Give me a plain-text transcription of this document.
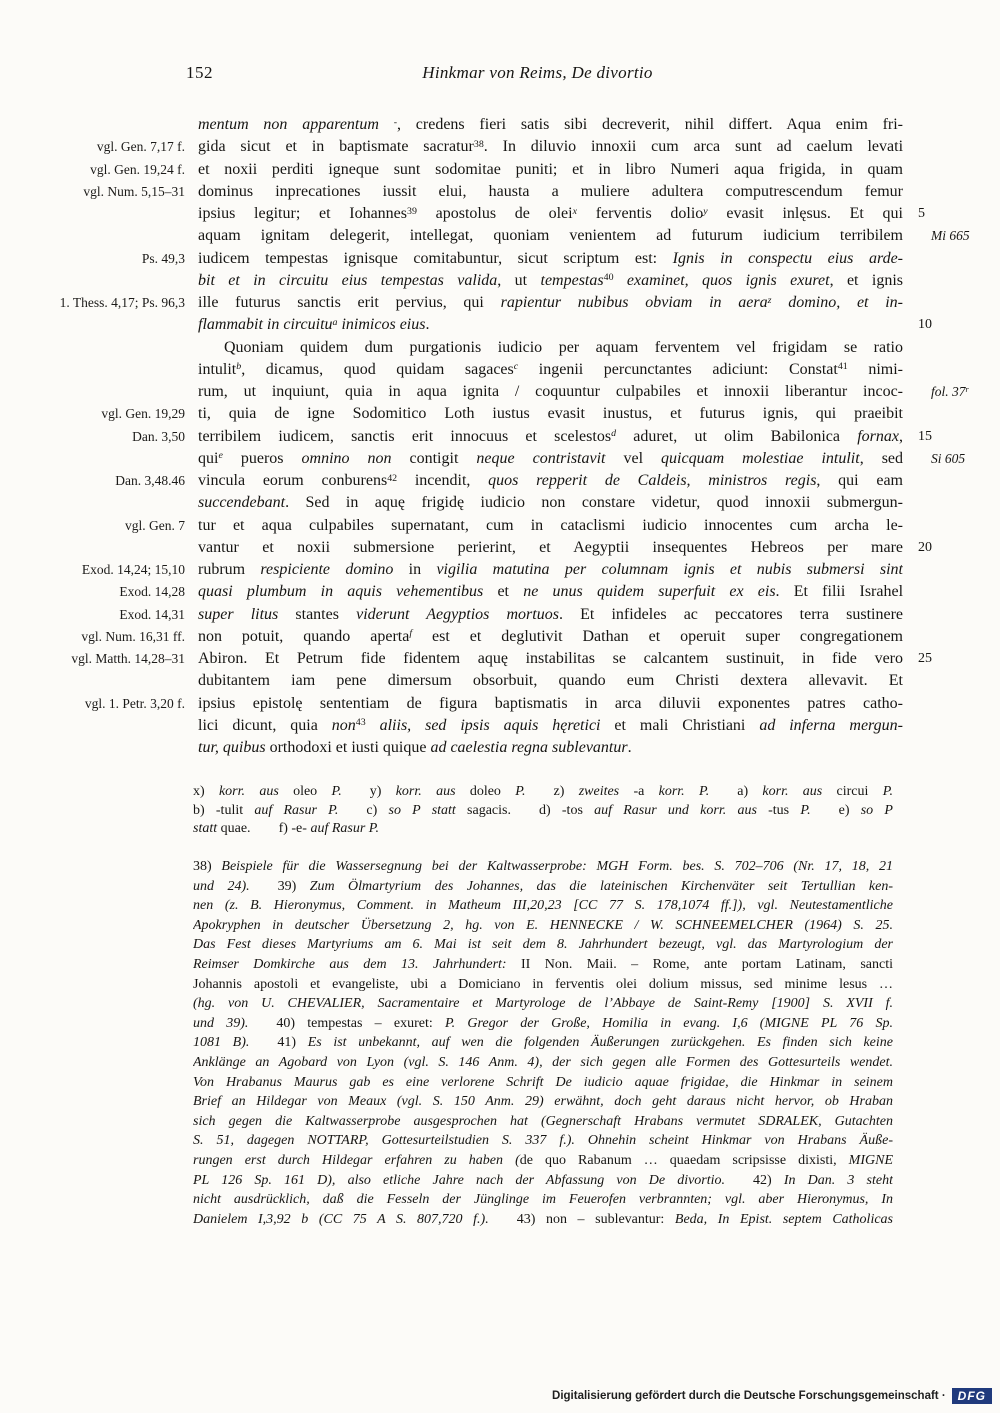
152	Hinkmar von Reims, De divortio
mentum non apparentum -, credens fieri satis sibi decreverit, nihil differt. Aqua enim fri-
vgl. Gen. 7,17 f. gida sicut et in baptismate sacratur$^{38}$. In diluvio innoxii cum arca sunt ad caelum levati
vgl. Gen. 19,24 f. et noxii perditi igneque sunt sodomitae puniti; et in libro Numeri aqua frigida, in quam
vgl. Num. 5,15–31 dominus inprecationes iussit elui, hausta a muliere adultera computrescendum femur
ipsius legitur; et Iohannes$^{39}$ apostolus de olei$^x$ ferventis dolio$^y$ evasit inlęsus. Et qui	5
aquam ignitam delegerit, intellegat, quoniam venientem ad futurum iudicium terribilem	Mi 665
Ps. 49,3 iudicem tempestas ignisque comitabuntur, sicut scriptum est: Ignis in conspectu eius arde-
bit et in circuitu eius tempestas valida, ut tempestas$^{40}$ examinet, quos ignis exuret, et ignis
1. Thess. 4,17; Ps. 96,3 ille futurus sanctis erit pervius, qui rapientur nubibus obviam in aera$^z$ domino, et in-
flammabit in circuitu$^a$ inimicos eius.	10
Quoniam quidem dum purgationis iudicio per aquam ferventem vel frigidam se ratio
intulit$^b$, dicamus, quod quidam sagaces$^c$ ingenii percunctantes adiciunt: Constat$^{41}$ nimi-
rum, ut inquiunt, quia in aqua ignita / coquuntur culpabiles et innoxii liberantur incoc-	fol. 37$^r$
vgl. Gen. 19,29 ti, quia de igne Sodomitico Loth iustus evasit inustus, et futurus ignis, qui praeibit
Dan. 3,50 terribilem iudicem, sanctis erit innocuus et scelestos$^d$ aduret, ut olim Babilonica fornax,	15
qui$^e$ pueros omnino non contigit neque contristavit vel quicquam molestiae intulit, sed	Si 605
Dan. 3,48.46 vincula eorum conburens$^{42}$ incendit, quos repperit de Caldeis, ministros regis, qui eam
succendebant. Sed in aquę frigidę iudicio non constare videtur, quod innoxii submergun-
vgl. Gen. 7 tur et aqua culpabiles supernatant, cum in cataclismi iudicio innocentes cum archa le-
vantur et noxii submersione perierint, et Aegyptii insequentes Hebreos per mare	20
Exod. 14,24; 15,10 rubrum respiciente domino in vigilia matutina per columnam ignis et nubis submersi sint
Exod. 14,28 quasi plumbum in aquis vehementibus et ne unus quidem superfuit ex eis. Et filii Israhel
Exod. 14,31 super litus stantes viderunt Aegyptios mortuos. Et infideles ac peccatores terra sustinere
vgl. Num. 16,31 ff. non potuit, quando aperta$^f$ est et deglutivit Dathan et operuit super congregationem
vgl. Matth. 14,28–31 Abiron. Et Petrum fide fidentem aquę instabilitas se calcantem sustinuit, in fide vero	25
dubitantem iam pene dimersum obsorbuit, quando eum Christi dextera allevavit. Et
vgl. 1. Petr. 3,20 f. ipsius epistolę sententiam de figura baptismatis in arca diluvii exponentes patres catho-
lici dicunt, quia non$^{43}$ aliis, sed ipsis aquis hęretici et mali Christiani ad inferna mergun-
tur, quibus orthodoxi et iusti quique ad caelestia regna sublevantur.
x) korr. aus oleo P. y) korr. aus doleo P. z) zweites -a korr. P. a) korr. aus circui P.
b) -tulit auf Rasur P. c) so P statt sagacis. d) -tos auf Rasur und korr. aus -tus P. e) so P
statt quae. f) -e- auf Rasur P.
38) Beispiele für die Wassersegnung bei der Kaltwasserprobe: MGH Form. bes. S. 702–706 (Nr. 17, 18, 21
und 24). 39) Zum Ölmartyrium des Johannes, das die lateinischen Kirchenväter seit Tertullian ken-
nen (z. B. Hieronymus, Comment. in Matheum III,20,23 [CC 77 S. 178,1074 ff.]), vgl. Neutestamentliche
Apokryphen in deutscher Übersetzung 2, hg. von E. HENNECKE / W. SCHNEEMELCHER (1964) S. 25.
Das Fest dieses Martyriums am 6. Mai ist seit dem 8. Jahrhundert bezeugt, vgl. das Martyrologium der
Reimser Domkirche aus dem 13. Jahrhundert: II Non. Maii. – Rome, ante portam Latinam, sancti
Johannis apostoli et evangeliste, ubi a Domiciano in ferventis olei dolium missus, sed minime lesus …
(hg. von U. CHEVALIER, Sacramentaire et Martyrologe de l’Abbaye de Saint-Remy [1900] S. XVII f.
und 39). 40) tempestas – exuret: P. Gregor der Große, Homilia in evang. I,6 (MIGNE PL 76 Sp.
1081 B). 41) Es ist unbekannt, auf wen die folgenden Äußerungen zurückgehen. Es finden sich keine
Anklänge an Agobard von Lyon (vgl. S. 146 Anm. 4), der sich gegen alle Formen des Gottesurteils wendet.
Von Hrabanus Maurus gab es eine verlorene Schrift De iudicio aquae frigidae, die Hinkmar in seinem
Brief an Hildegar von Meaux (vgl. S. 150 Anm. 29) erwähnt, doch geht daraus nicht hervor, ob Hraban
sich gegen die Kaltwasserprobe ausgesprochen hat (Gegnerschaft Hrabans vermutet SDRALEK, Gutachten
S. 51, dagegen NOTTARP, Gottesurteilstudien S. 337 f.). Ohnehin scheint Hinkmar von Hrabans Äuße-
rungen erst durch Hildegar erfahren zu haben (de quo Rabanum … quaedam scripsisse dixisti, MIGNE
PL 126 Sp. 161 D), also etliche Jahre nach der Abfassung von De divortio. 42) In Dan. 3 steht
nicht ausdrücklich, daß die Fesseln der Jünglinge im Feuerofen verbrannten; vgl. aber Hieronymus, In
Danielem I,3,92 b (CC 75 A S. 807,720 f.). 43) non – sublevantur: Beda, In Epist. septem Catholicas
Digitalisierung gefördert durch die Deutsche Forschungsgemeinschaft ·	DFG
